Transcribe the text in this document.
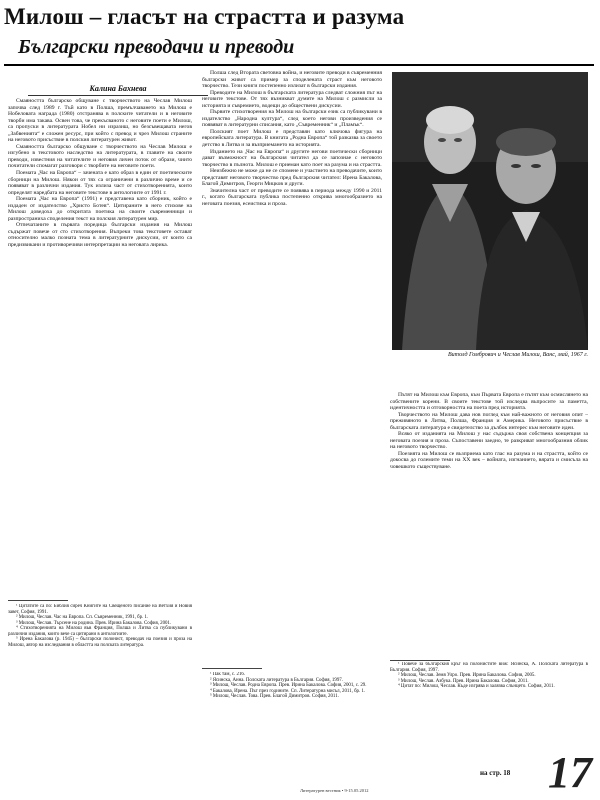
Милош – гласът на страстта и разума
Български преводачи и преводи
Калина Бахнева

Смаяността българско общуване с творчеството на Чеслав Милош започва след 1989 г. Тъй като в Полша, премълчаването на Милош е Нобеловата награда (1980) отстранява в полските читатели и в неговите творби има такава. Освен това, че прекъсваното с неговите поети е Милош, са пропуски в литературата Нобел ни изразиш, но безсъвещавата негов „Забвенията“ е сложен ресурс, при който с превод и чрез Милош страните на неговото присъствие в полския литературен живот.

Смаяността българско общуване с творчеството на Чеслав Милош е изгубено в текстовото наследство на литературата, в главите на своите преводи, известния на читателите и неговия личен поток от образи, чиито почитатели спомагат разговори с творбите на неговите поети.

Поемата „Час на Европа“ – зачената е като образ в един от поетическите сборници на Милош. Някои от тях са ограничени в различно време и се появяват в различни издания. Тук излиза част от стихотворенията, които определят наредбата на неговите текстове в антологиите от 1991 г.

Поемата „Час на Европа“ (1991) е представена като сборник, който е издаден от издателство „Христо Ботев“. Цитираните в него стихове на Милош доведоха до откритата поетика на своите съвременници и разпространиха споделения текст на полския литературен мир.

Отпечатаните в първата поредица български издания на Милош съдържат повече от сто стихотворения. Въпреки това текстовете остават относително малко позната тема в литературните дискусии, от които са предизвикани и противоречиви интерпретации на неговата лирика.

¹ Цитатите са по: Библия сиреч Книгите на Свещеното писание на Ветхия и Новия завет, София, 1991.

² Милош, Чеслав. Час на Европа. Сп. Съвременник, 1991, бр. 1.

³ Милош, Чеслав. Търсене на родина. Прев. Ирина Бакалова. София, 2001.

⁴ Стихотворенията на Милош във Франция, Полша и Литва са публикувани в различни издания, които вече са цитирани в антологиите.

⁵ Ирена Бакалова (р. 1945) – български полонист, преводач на поезия и проза на Милош, автор на изследвания в областта на полската литература.

Полша след Втората световна война, и неговите преводи в съвременния български живот са пример за споделената страст към неговото творчество. Тези книги постепенно излизат в български издания.

Преводите на Милош в българската литература следват сложния път на неговите текстове. От тях възникват думите на Милош с размисли за историята и съвремието, водещи до обществени дискусии.

Първите стихотворения на Милош на български език са публикувани в издателство „Народна култура“, след което негови произведения се появяват в литературни списания, като „Съвременник“ и „Пламък“.

Полският поет Милош е представян като ключова фигура на европейската литература. В книгата „Родна Европа“ той разказва за своето детство в Литва и за възприемането на историята.

Изданието на „Час на Европа“ и другите негови поетически сборници дават възможност на българския читател да се запознае с неговото творчество в пълнота. Милош е приеман като поет на разума и на страстта.

Неизбежно не може да не се спомене и участието на преводачите, които представят неговото творчество пред българския читател: Ирена Бакалова, Благой Димитров, Георги Мицков и други.

Значителна част от преводите се появява в периода между 1990 и 2011 г., когато българската публика постепенно открива многообразието на неговата поезия, есеистика и проза.

¹ Пак там, с. 216.

² Ясинска, Анна. Полската литература в България. София, 1997.

³ Милош, Чеслав. Родна Европа. Прев. Ирина Бакалова. София, 2001, с. 29.

⁴ Бакалова, Ирена. Път през годините. Сп. Литературна мисъл, 2011, бр. 1.

⁵ Милош, Чеслав. Това. Прев. Благой Димитров. София, 2011.

Витолд Гомбрович и Чеслав Милош, Ванс, май, 1967 г.

Пътят на Милош към Европа, към Първата Европа е пътят към осмислянето на собствените корени. В своите текстове той изследва въпросите за паметта, идентичността и отговорността на поета пред историята.

Творчеството на Милош дава нов поглед към най-важното от неговия опит – преживяното в Литва, Полша, Франция и Америка. Неговото присъствие в българската литература е свидетелство за дълбок интерес към неговите идеи.

Всяко от изданията на Милош у нас съдържа своя собствена концепция за неговата поезия и проза. Съпоставени заедно, те разкриват многообразния облик на неговото творчество.

Поезията на Милош се възприема като глас на разума и на страстта, който се докосва до големите теми на XX век – войната, изгнанието, вярата и смисъла на човешкото съществуване.

¹ Повече за българския кръг на полонистите виж: Ясинска, А. Полската литература в България. София, 1997.

² Милош, Чеслав. Земя Улро. Прев. Ирина Бакалова. София, 2005.

³ Милош, Чеслав. Азбука. Прев. Ирина Бакалова. София, 2011.

⁴ Цитат по: Милош, Чеслав. Къде изгрява и залязва слънцето. София, 2011.

на стр. 18 17
Литературен вестник • 9-15.05.2012
